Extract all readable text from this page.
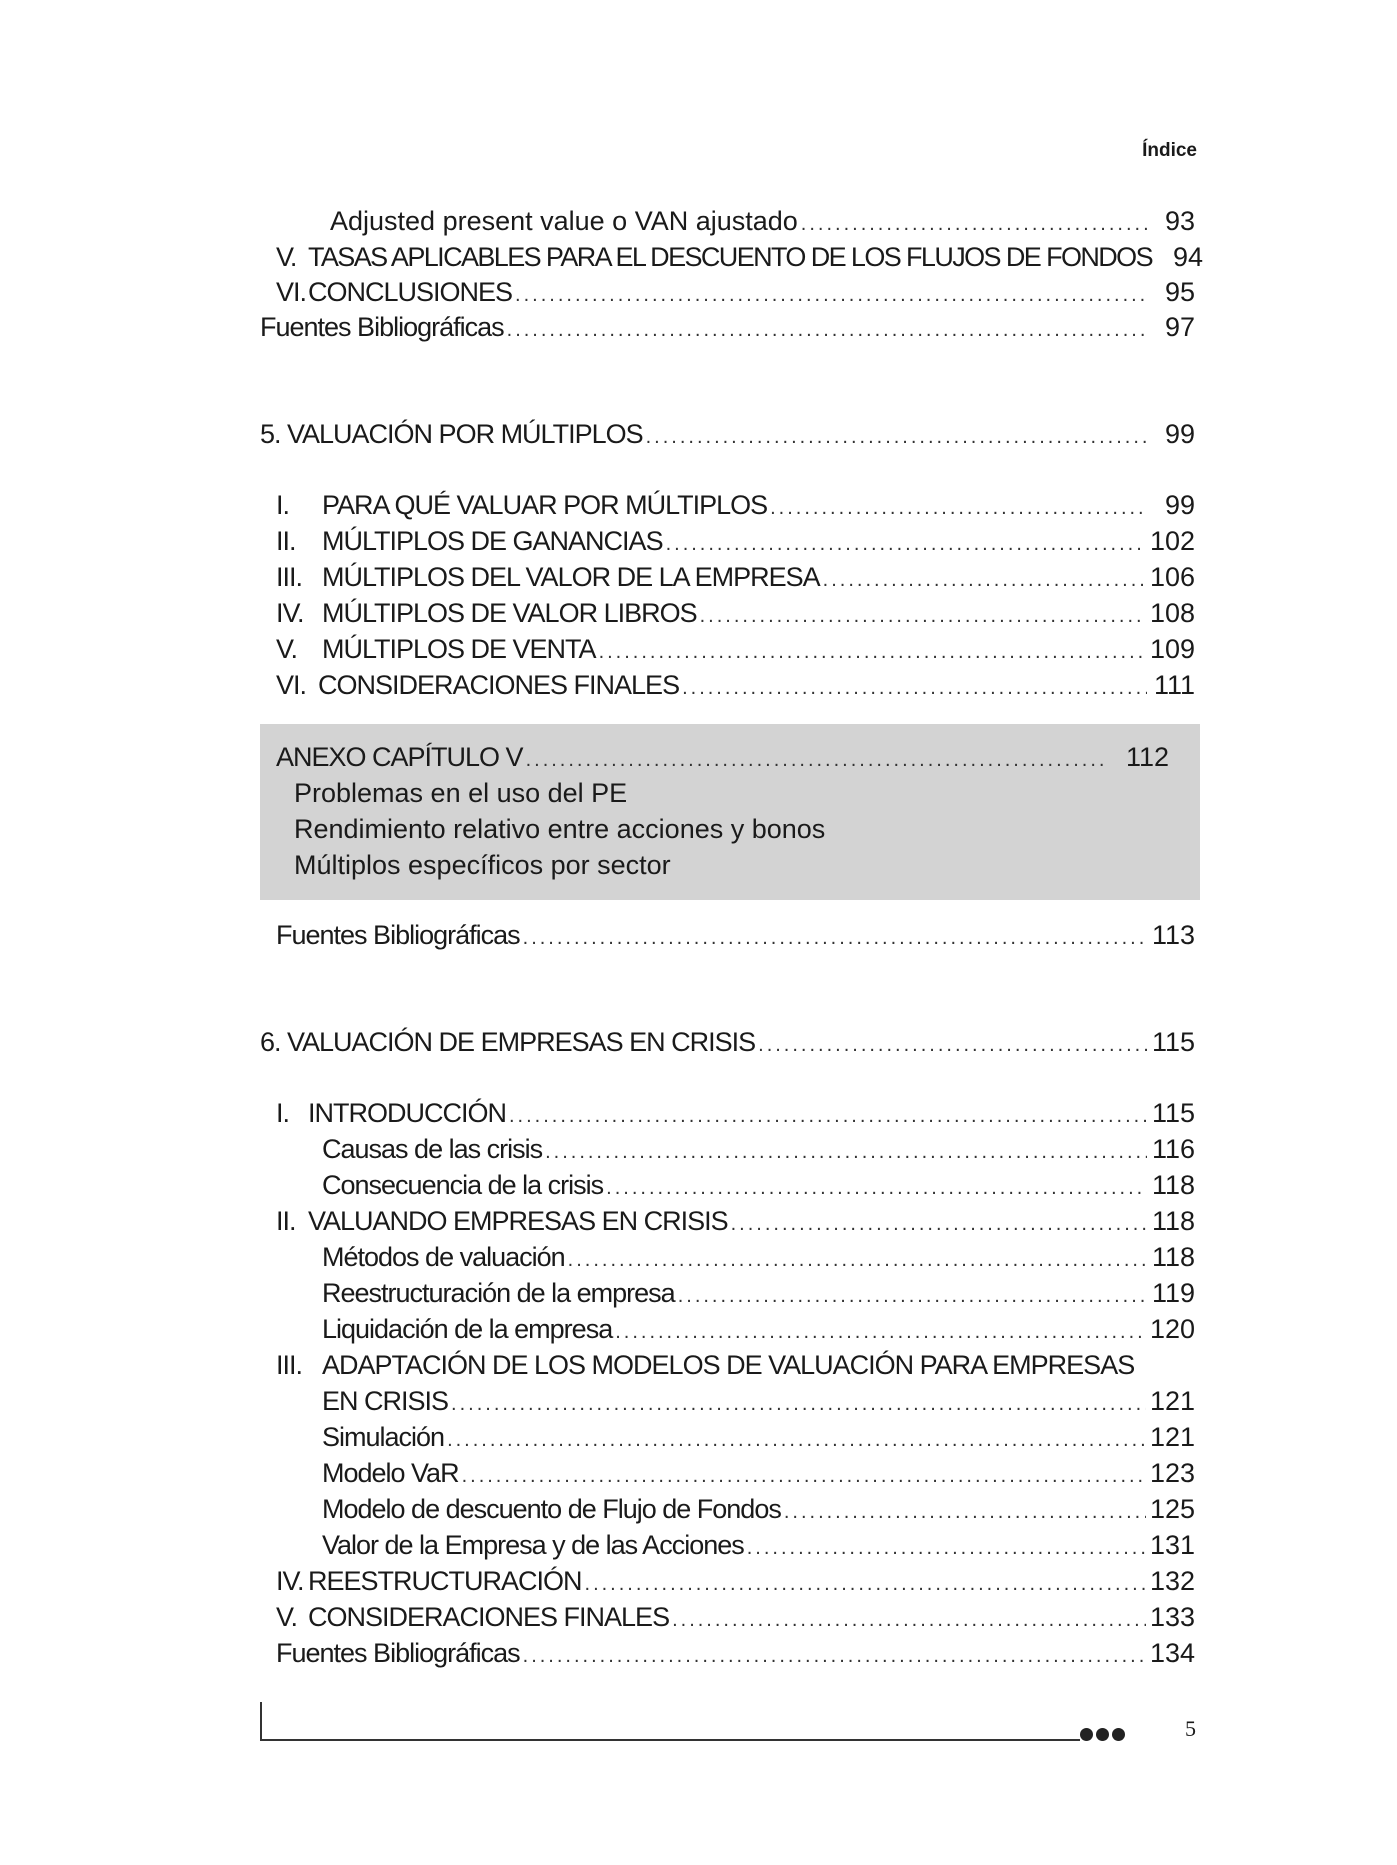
Índice
Adjusted present value o VAN ajustado .....	93
V. TASAS APLICABLES PARA EL DESCUENTO DE LOS FLUJOS DE FONDOS 94
VI.CONCLUSIONES .....	95
Fuentes Bibliográficas .....	97
5. VALUACIÓN POR MÚLTIPLOS .....	99
I. PARA QUÉ VALUAR POR MÚLTIPLOS .....	99
II. MÚLTIPLOS DE GANANCIAS .....	102
III. MÚLTIPLOS DEL VALOR DE LA EMPRESA .....	106
IV. MÚLTIPLOS DE VALOR LIBROS .....	108
V. MÚLTIPLOS DE VENTA .....	109
VI. CONSIDERACIONES FINALES .....	111
ANEXO CAPÍTULO V .....	112
Problemas en el uso del PE
Rendimiento relativo entre acciones y bonos
Múltiplos específicos por sector
Fuentes Bibliográficas .....	113
6. VALUACIÓN DE EMPRESAS EN CRISIS .....	115
I. INTRODUCCIÓN .....	115
Causas de las crisis .....	116
Consecuencia de la crisis .....	118
II. VALUANDO EMPRESAS EN CRISIS .....	118
Métodos de valuación .....	118
Reestructuración de la empresa .....	119
Liquidación de la empresa .....	120
III. ADAPTACIÓN DE LOS MODELOS DE VALUACIÓN PARA EMPRESAS
EN CRISIS .....	121
Simulación .....	121
Modelo VaR .....	123
Modelo de descuento de Flujo de Fondos .....	125
Valor de la Empresa y de las Acciones .....	131
IV. REESTRUCTURACIÓN .....	132
V. CONSIDERACIONES FINALES .....	133
Fuentes Bibliográficas .....	134
5
